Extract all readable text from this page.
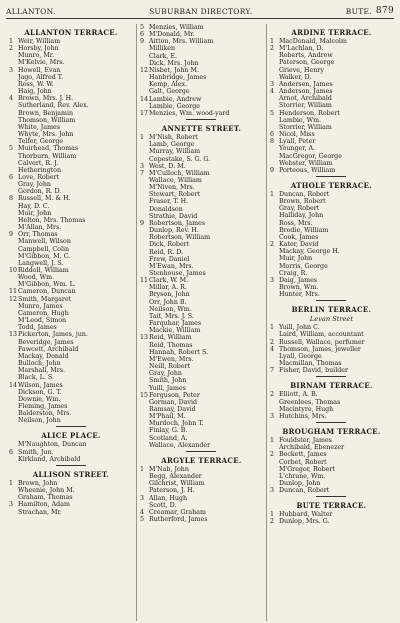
ALLANTON.	SUBURBAN DIRECTORY.	BUTE. 879
ALLANTON TERRACE.
1 Weir, William
2 Horsby, John
Munro, Mr.
M'Kelvie, Mrs.
3 Howell, Evan
Jago, Alfred T.
Ross, W. W.
Haig, John
4 Brown, Mrs. J. H.
Sutherland, Rev. Alex.
Brown, Benjamin
Thomson, William
White, James
Whyte, Mrs. John
Telfer, George
5 Muirhead, Thomas
Thorburn, William
Calvert, R. J.
Hetherington
6 Love, Robert
Gray, John
Gordon, R. D.
8 Russell, M. & H.
Hay, D. C.
Muir, John
Helton, Mrs. Thomas
M'Allan, Mrs.
9 Orr, Thomas
Manwell, Wilson
Campbell, Colin
M'Gibbon, M. C.
Langwell, J. S.
10Riddell, William
Wood, Wm.
M'Gibbon, Wm. L.
11Cameron, Duncan
12Smith, Margaret
Munro, James
Cameron, Hugh
M'Leod, Simon
Todd, James
13Pickerton, James, jun.
Beveridge, James
Fawcett, Archibald
Mackay, Donald
Bulloch, John
Marshall, Mrs.
Black, L. S.
14Wilson, James
Dickson, G. T.
Downie, Wm.
Fleming, James
Balderston, Mrs.
Neilson, John
ALICE PLACE.
M'Naughton, Duncan
6 Smith, Jun.
Kirkland, Archibald
ALLISON STREET.
1 Brown, John
Wheenie, John M.
Graham, Thomas
3 Hamilton, Adam
Strachan, Mr.
5 Menzies, William
6 M'Donald, Mr.
9 Aitton, Mrs. William
Milliken
Clark, E.
Dick, Mrs. John
12Nisbet, John M.
Hanbridge, James
Kemp, Alex.
Galt, George
14Lambie, Andrew
Lambie, George
17Menzies, Wm. wood-yard
ANNETTE STREET.
1 M'Nish, Robert
Lamb, George
Murray, William
Copestake, S. G. G.
3 West, D. M.
7 M'Culloch, William
Wallace, William
M'Niven, Mrs.
Stewart, Robert
Fraser, T. H.
Donaldson
Strathie, David
9 Robertson, James
Dunlop, Rev. H.
Robertson, William
Dick, Robert
Reid, R. D.
Frew, Daniel
M'Ewan, Mrs.
Stenhouse, James
11Clark, W. M.
Millar, A. R.
Bryson, John
Orr, John B.
Neilson, Wm.
Tait, Mrs. J. S.
Farquhar, James
Mackie, William
13Reid, William
Reid, Thomas
Hannah, Robert S.
M'Ewen, Mrs.
Neill, Robert
Gray, John
Smith, John
Yuill, James
15Ferguson, Peter
Gorman, David
Ramsay, David
M'Phail, M.
Murdoch, John T.
Finlay, G. B.
Scotland, A.
Wallace, Alexander
ARGYLE TERRACE.
1 M'Nab, John
Begg, Alexander
Gilchrist, William
Paterson, J. H.
3 Allan, Hugh
Scott, D.
4 Creamar, Graham
5 Rutherford, James
ARDINE TERRACE.
1 MacDonald, Malcolm
2 M'Lachlan, D.
Roberts, Andrew
Paterson, George
Grieve, Henry
Walker, D.
3 Andersen, James
4 Anderson, James
Arnot, Archibald
Storrier, William
5 Henderson, Robert
Lambie, Wm.
Storrier, William
6 Nicol, Miss
8 Lyall, Peter
Younger, A.
MacGregor, George
Webster, William
9 Porteous, William
ATHOLE TERRACE.
1 Duncan, Robert
Brown, Robert
Gray, Robert
Halliday, John
Ross, Mrs.
Brodie, William
Cook, James
2 Kater, David
Mackay, George H.
Muir, John
Morris, George
Craig, R.
3 Daig, James
Brown, Wm.
Hunter, Mrs.
BERLIN TERRACE.
Levan Street
1 Yuill, John C.
Laird, William, accountant
2 Russell, Wallace, perfumer
4 Thomson, James, jeweller
Lyall, George
Macmillan, Thomas
7 Fisher, David, builder
BIRNAM TERRACE.
2 Elliott, A. B.
Greenlees, Thomas
Macintyre, Hugh
3 Hutchins, Mrs.
BROUGHAM TERRACE.
1 Fouldster, James
Archibald, Ebenezer
2 Beckett, James
Corbet, Robert
M'Gregor, Robert
L'chrane, Wm.
Dunlop, John
3 Duncan, Robert
BUTE TERRACE.
1 Hubbard, Walter
2 Dunlop, Mrs. G.
